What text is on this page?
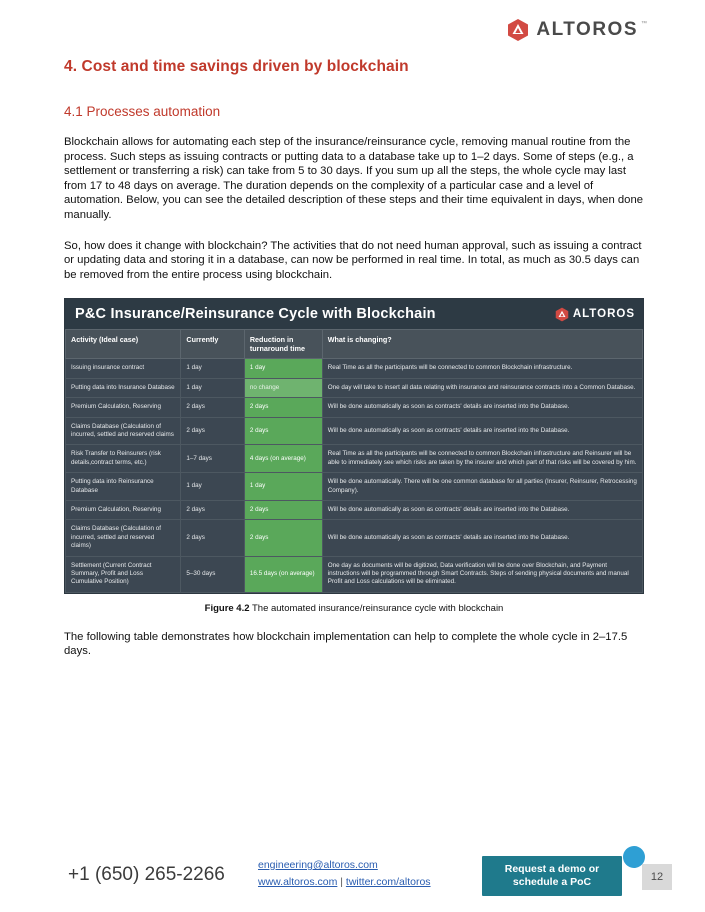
ALTOROS ™
4. Cost and time savings driven by blockchain
4.1 Processes automation

Blockchain allows for automating each step of the insurance/reinsurance cycle, removing manual routine from the process. Such steps as issuing contracts or putting data to a database take up to 1–2 days. Some of steps (e.g., a settlement or transferring a risk) can take from 5 to 30 days. If you sum up all the steps, the whole cycle may last from 17 to 48 days on average. The duration depends on the complexity of a particular case and a level of automation. Below, you can see the detailed description of these steps and their time equivalent in days, when done manually.

So, how does it change with blockchain? The activities that do not need human approval, such as issuing a contract or updating data and storing it in a database, can now be performed in real time. In total, as much as 30.5 days can be removed from the entire process using blockchain.

P&C Insurance/Reinsurance Cycle with Blockchain	ALTOROS
Activity (Ideal case)	Currently	Reduction in turnaround time	What is changing?
Issuing insurance contract	1 day	1 day	Real Time as all the participants will be connected to common Blockchain infrastructure.
Putting data into Insurance Database	1 day	no change	One day will take to insert all data relating with insurance and reinsurance contracts into a Common Database.
Premium Calculation, Reserving	2 days	2 days	Will be done automatically as soon as contracts' details are inserted into the Database.
Claims Database (Calculation of incurred, settled and reserved claims	2 days	2 days	Will be done automatically as soon as contracts' details are inserted into the Database.
Risk Transfer to Reinsurers (risk details,contract terms, etc.)	1–7 days	4 days (on average)	Real Time as all the participants will be connected to common Blockchain infrastructure and Reinsurer will be able to immediately see which risks are taken by the insurer and which part of that risks will be covered by him.
Putting data into Reinsurance Database	1 day	1 day	Will be done automatically. There will be one common database for all parties (Insurer, Reinsurer, Retrocessing Company).
Premium Calculation, Reserving	2 days	2 days	Will be done automatically as soon as contracts' details are inserted into the Database.
Claims Database (Calculation of incurred, settled and reserved claims)	2 days	2 days	Will be done automatically as soon as contracts' details are inserted into the Database.
Settlement (Current Contract Summary, Profit and Loss Cumulative Position)	5–30 days	16.5 days (on average)	One day as documents will be digitized, Data verification will be done over Blockchain, and Payment instructions will be programmed through Smart Contracts. Steps of sending physical documents and manual Profit and Loss calculations will be eliminated.
Figure 4.2 The automated insurance/reinsurance cycle with blockchain

The following table demonstrates how blockchain implementation can help to complete the whole cycle in 2–17.5 days.

+1 (650) 265-2266	engineering@altoros.com
www.altoros.com | twitter.com/altoros
Request a demo or
schedule a PoC	12
